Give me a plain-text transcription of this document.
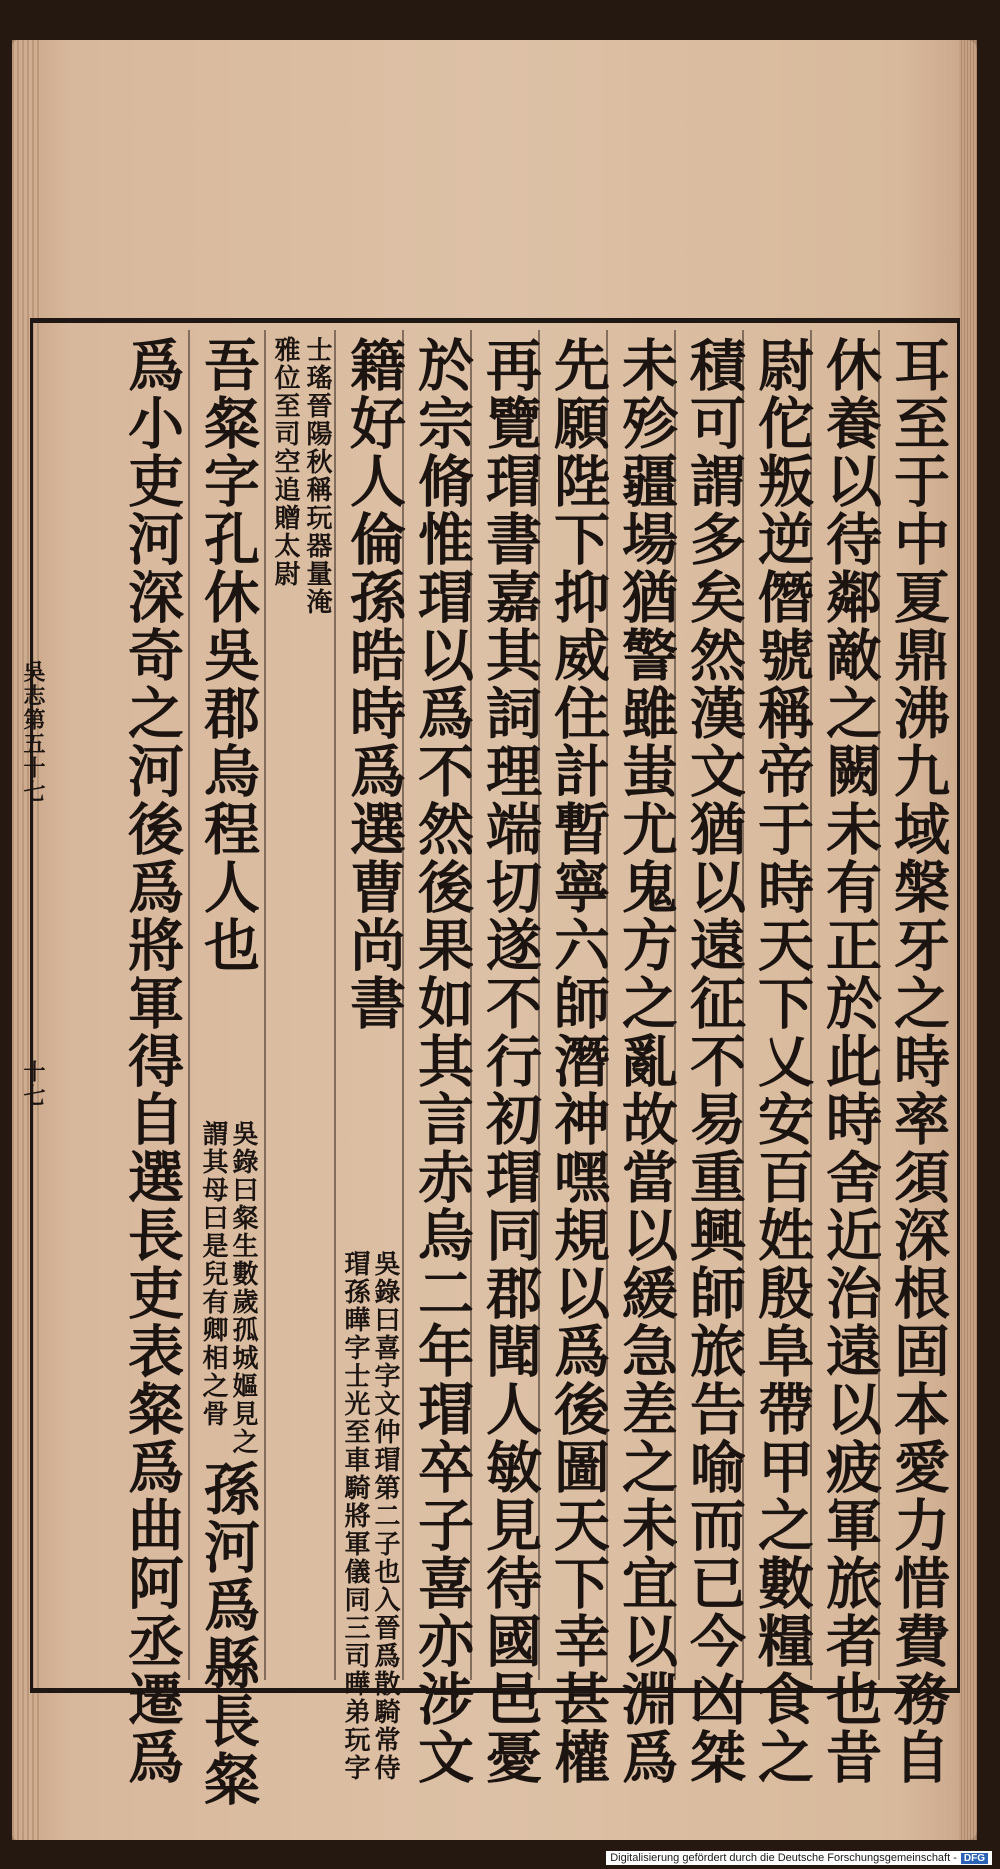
耳至于中夏鼎沸九域槃牙之時率須深根固本愛力惜費務自
休養以待鄰敵之闕未有正於此時舍近治遠以疲軍旅者也昔
尉佗叛逆僭號稱帝于時天下乂安百姓殷阜帶甲之數糧食之
積可謂多矣然漢文猶以遠征不易重興師旅告喻而已今凶桀
未殄疆場猶警雖蚩尤鬼方之亂故當以緩急差之未宜以淵爲
先願陛下抑威住計暫寧六師潛神嘿規以爲後圖天下幸甚權
再覽瑁書嘉其詞理端切遂不行初瑁同郡聞人敏見待國邑憂
於宗脩惟瑁以爲不然後果如其言赤烏二年瑁卒子喜亦涉文
籍好人倫孫晧時爲選曹尚書
吳錄曰喜字文仲瑁第二子也入晉爲散騎常侍
瑁孫曄字士光至車騎將軍儀同三司曄弟玩字
士瑤晉陽秋稱玩器量淹
雅位至司空追贈太尉
吾粲字孔休吳郡烏程人也
吳錄曰粲生數歲孤城嫗見之
謂其母曰是兒有卿相之骨
孫河爲縣長粲
吳志第五十七
十七 爲小吏河深奇之河後爲將軍得自選長吏表粲爲曲阿丞遷爲
Digitalisierung gefördert durch die Deutsche Forschungsgemeinschaft - DFG
